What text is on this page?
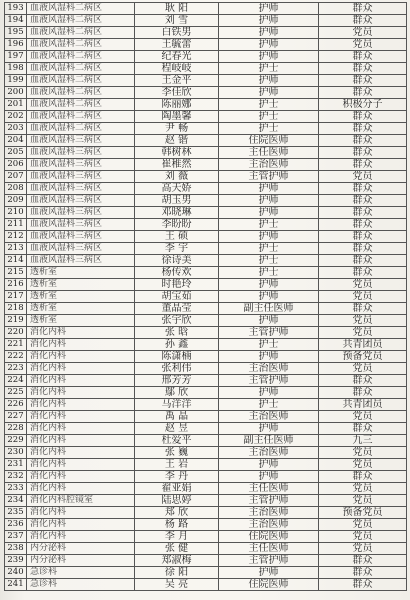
193	血液风湿科二病区	耿 阳	护师	群众
194	血液风湿科二病区	刘 雪	护师	群众
195	血液风湿科二病区	白铁男	护师	党员
196	血液风湿科二病区	王毓蕾	护师	党员
197	血液风湿科二病区	纪春光	护师	群众
198	血液风湿科二病区	程岐岐	护士	群众
199	血液风湿科二病区	王金平	护师	群众
200	血液风湿科二病区	李佳欣	护师	群众
201	血液风湿科二病区	陈丽娜	护士	积极分子
202	血液风湿科二病区	陶墨馨	护士	群众
203	血液风湿科二病区	尹 畅	护士	群众
204	血液风湿科三病区	赵 锴	住院医师	群众
205	血液风湿科三病区	韩树林	主任医师	群众
206	血液风湿科三病区	崔稚然	主治医师	群众
207	血液风湿科三病区	刘 薇	主管护师	党员
208	血液风湿科三病区	高天娇	护师	群众
209	血液风湿科三病区	胡玉男	护师	群众
210	血液风湿科三病区	邓晓琳	护师	群众
211	血液风湿科三病区	李盼盼	护士	群众
212	血液风湿科三病区	王 硕	护师	群众
213	血液风湿科三病区	李 宇	护士	群众
214	血液风湿科三病区	徐诗美	护士	群众
215	透析室	杨传欢	护士	群众
216	透析室	时艳玲	护师	党员
217	透析室	胡宝茹	护师	党员
218	透析室	董晶莹	副主任医师	群众
219	透析室	张宇欣	护师	党员
220	消化内科	张 晗	主管护师	党员
221	消化内科	孙 鑫	护士	共青团员
222	消化内科	陈潇楠	护师	预备党员
223	消化内科	张利伟	主治医师	党员
224	消化内科	邢芳芳	主管护师	群众
225	消化内科	鄢 欣	护师	群众
226	消化内科	马洋洋	护士	共青团员
227	消化内科	禹 晶	主治医师	党员
228	消化内科	赵 昱	护师	群众
229	消化内科	杜爱平	副主任医师	九三
230	消化内科	张 巍	主治医师	党员
231	消化内科	王 岩	护师	党员
232	消化内科	李 丹	护师	群众
233	消化内科	翟亚娟	主任医师	党员
234	消化内科腔镜室	陆思婷	主管护师	党员
235	消化内科	郑 欣	主治医师	预备党员
236	消化内科	杨 路	主治医师	党员
237	消化内科	李 月	住院医师	党员
238	内分泌科	张 健	主任医师	党员
239	内分泌科	郑淑梅	主管护师	群众
240	急诊科	徐 阳	护师	群众
241	急诊科	吴 亮	住院医师	群众
